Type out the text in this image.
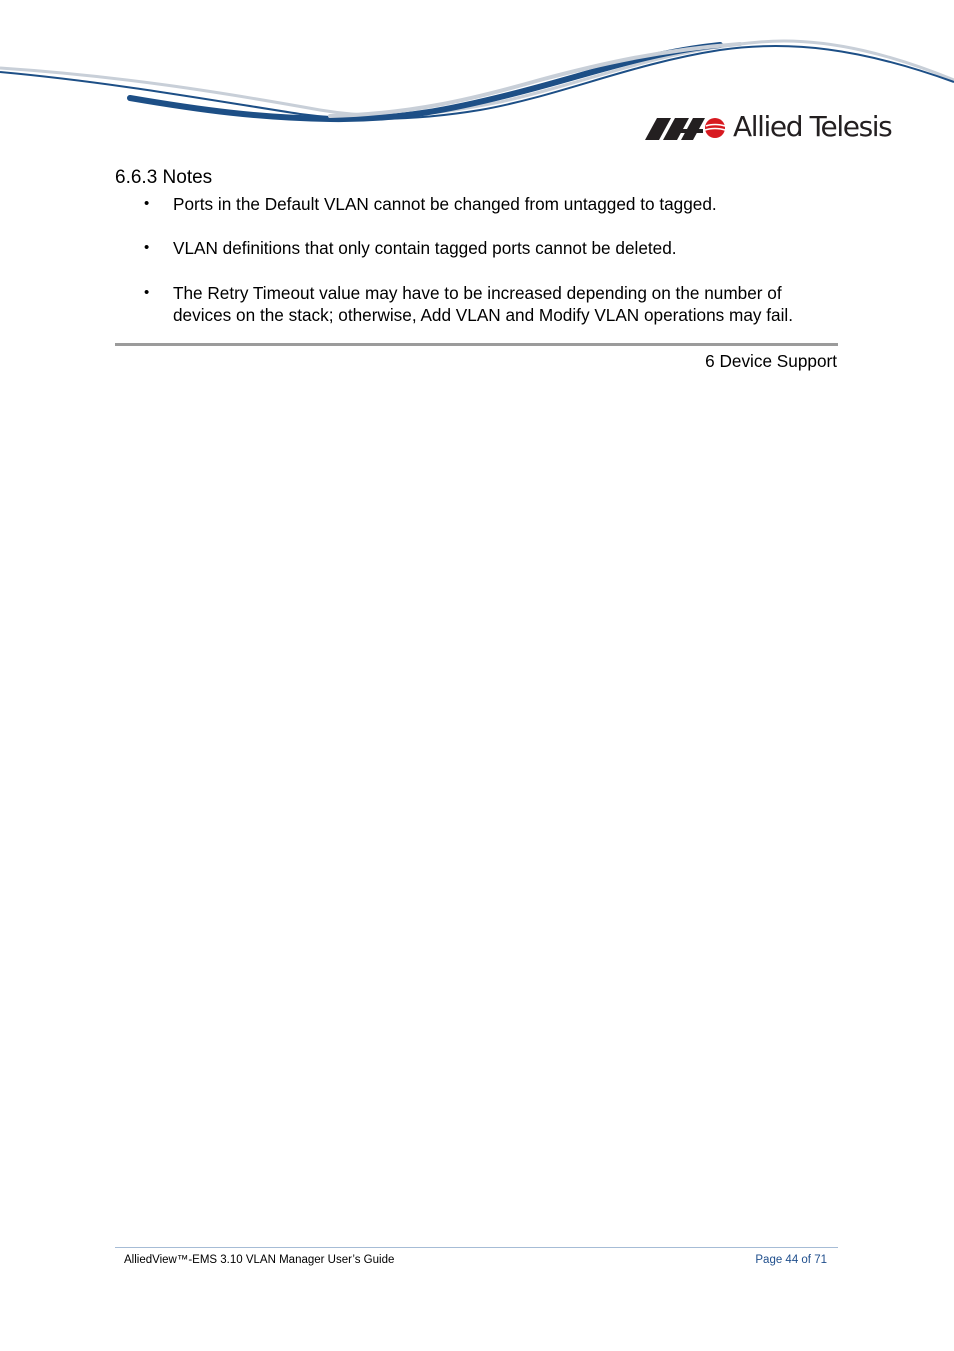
Allied Telesis
6.6.3 Notes
• Ports in the Default VLAN cannot be changed from untagged to tagged.
• VLAN definitions that only contain tagged ports cannot be deleted.
• The Retry Timeout value may have to be increased depending on the number of devices on the stack; otherwise, Add VLAN and Modify VLAN operations may fail.
6 Device Support
AlliedView™-EMS 3.10 VLAN Manager User’s Guide	Page 44 of 71
